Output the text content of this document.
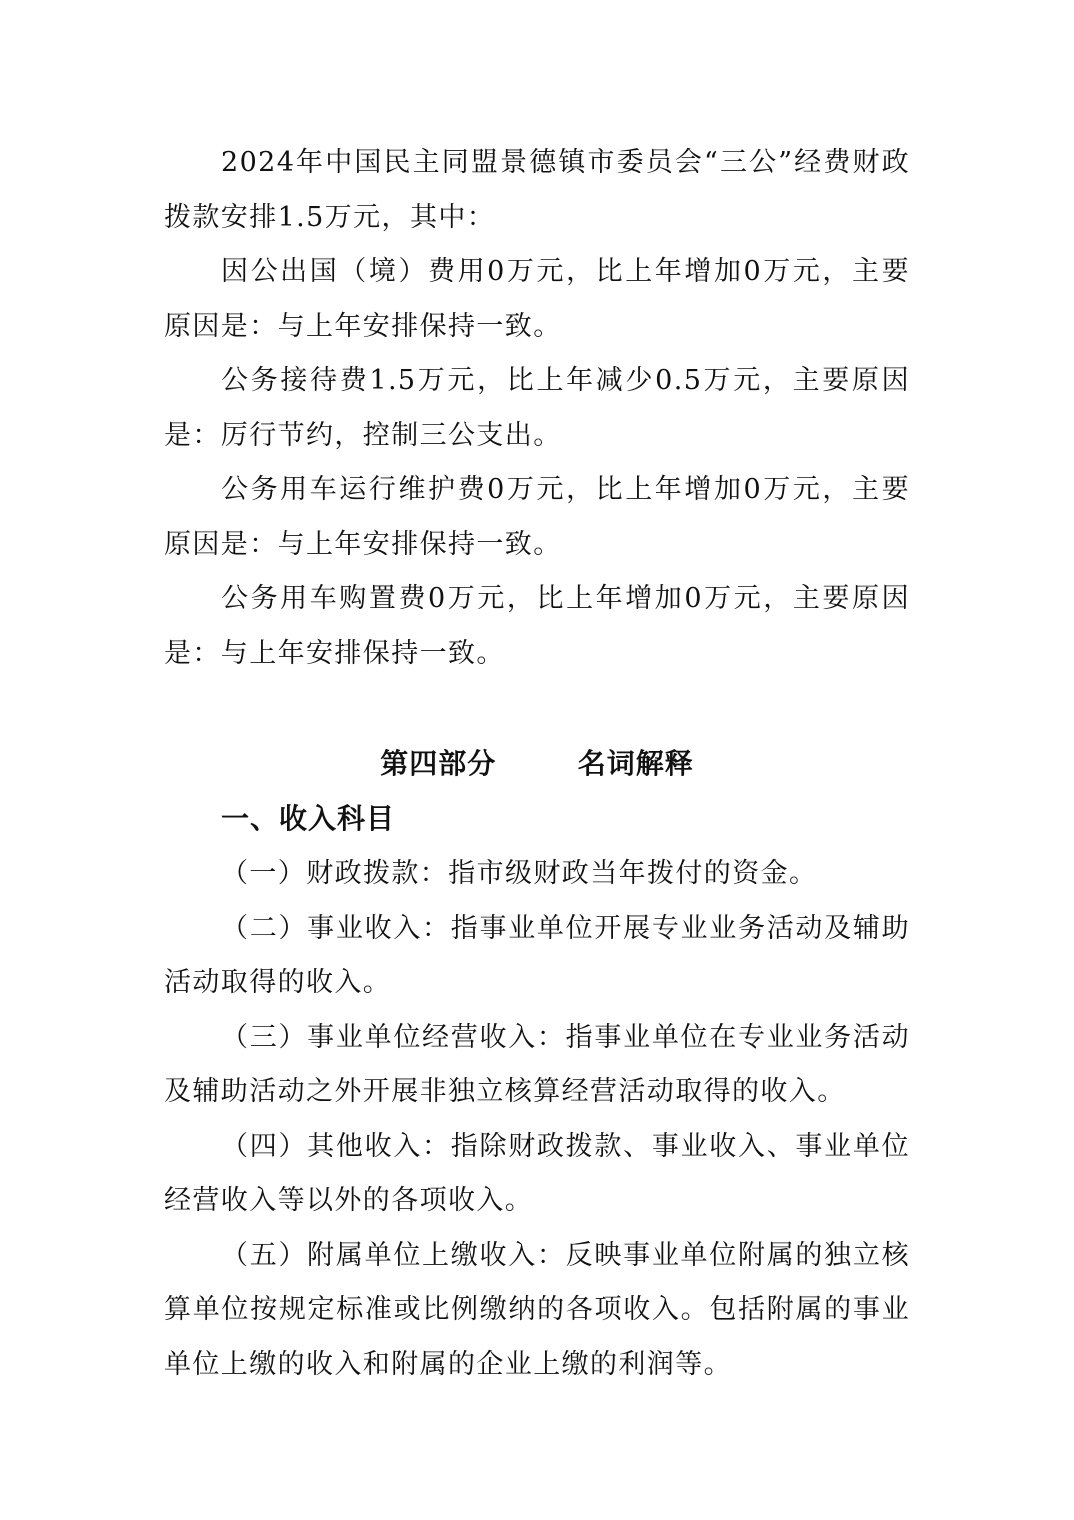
2024年中国民主同盟景德镇市委员会“三公”经费财政拨款安排1.5万元，其中：

因公出国（境）费用0万元，比上年增加0万元，主要原因是：与上年安排保持一致。

公务接待费1.5万元，比上年减少0.5万元，主要原因是：厉行节约，控制三公支出。

公务用车运行维护费0万元，比上年增加0万元，主要原因是：与上年安排保持一致。

公务用车购置费0万元，比上年增加0万元，主要原因是：与上年安排保持一致。

第四部分  名词解释
一、收入科目

（一）财政拨款：指市级财政当年拨付的资金。

（二）事业收入：指事业单位开展专业业务活动及辅助活动取得的收入。

（三）事业单位经营收入：指事业单位在专业业务活动及辅助活动之外开展非独立核算经营活动取得的收入。

（四）其他收入：指除财政拨款、事业收入、事业单位经营收入等以外的各项收入。

（五）附属单位上缴收入：反映事业单位附属的独立核算单位按规定标准或比例缴纳的各项收入。包括附属的事业单位上缴的收入和附属的企业上缴的利润等。
